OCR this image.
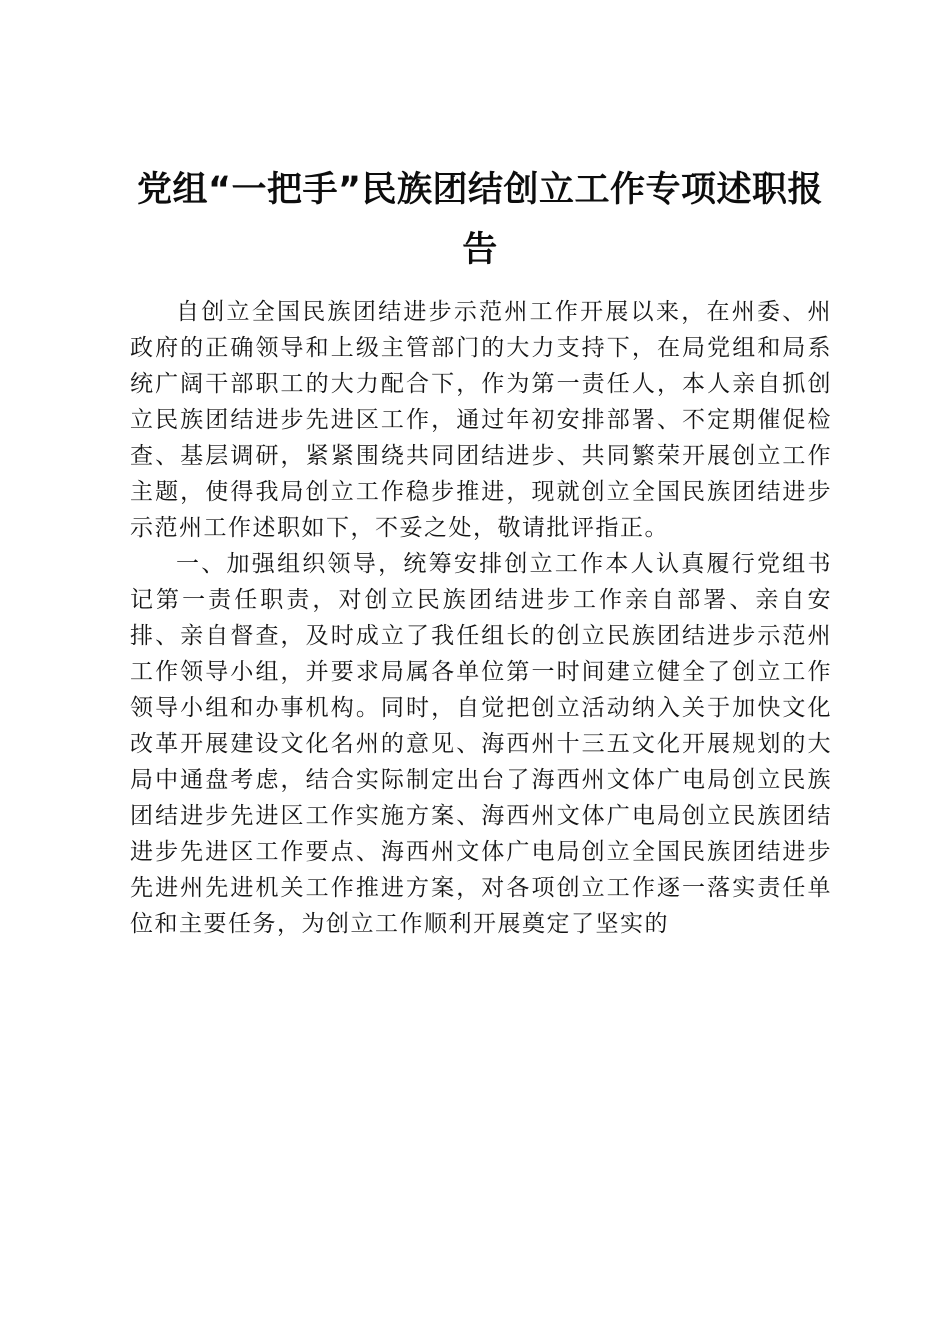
党组“一把手”民族团结创立工作专项述职报告

自创立全国民族团结进步示范州工作开展以来，在州委、州政府的正确领导和上级主管部门的大力支持下，在局党组和局系统广阔干部职工的大力配合下，作为第一责任人，本人亲自抓创立民族团结进步先进区工作，通过年初安排部署、不定期催促检查、基层调研，紧紧围绕共同团结进步、共同繁荣开展创立工作主题，使得我局创立工作稳步推进，现就创立全国民族团结进步示范州工作述职如下，不妥之处，敬请批评指正。

一、加强组织领导，统筹安排创立工作本人认真履行党组书记第一责任职责，对创立民族团结进步工作亲自部署、亲自安排、亲自督查，及时成立了我任组长的创立民族团结进步示范州工作领导小组，并要求局属各单位第一时间建立健全了创立工作领导小组和办事机构。同时，自觉把创立活动纳入关于加快文化改革开展建设文化名州的意见、海西州十三五文化开展规划的大局中通盘考虑，结合实际制定出台了海西州文体广电局创立民族团结进步先进区工作实施方案、海西州文体广电局创立民族团结进步先进区工作要点、海西州文体广电局创立全国民族团结进步先进州先进机关工作推进方案，对各项创立工作逐一落实责任单位和主要任务，为创立工作顺利开展奠定了坚实的
